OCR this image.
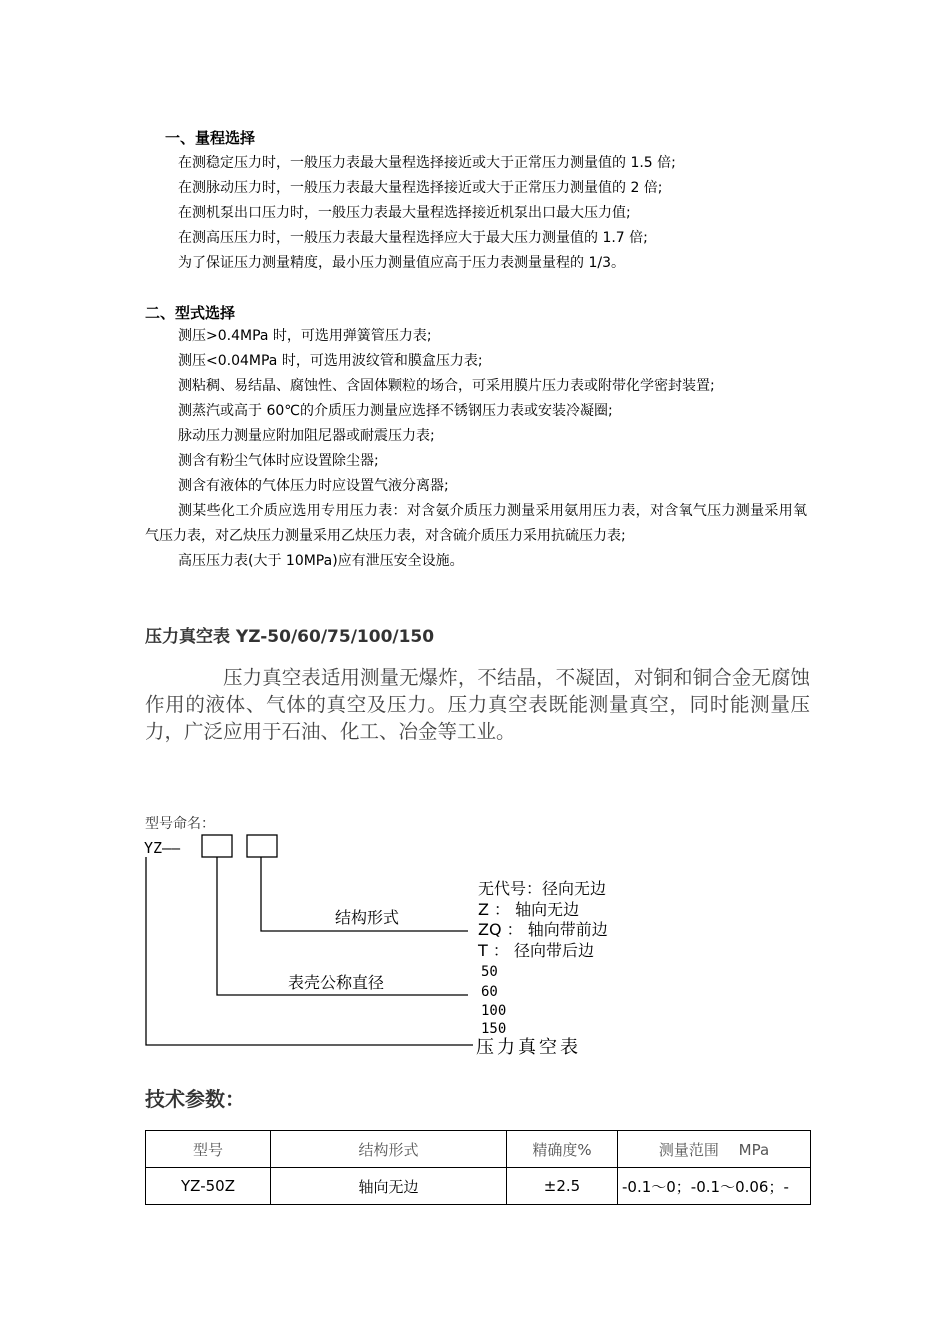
一、量程选择
在测稳定压力时，一般压力表最大量程选择接近或大于正常压力测量值的 1.5 倍;
在测脉动压力时，一般压力表最大量程选择接近或大于正常压力测量值的 2 倍;
在测机泵出口压力时，一般压力表最大量程选择接近机泵出口最大压力值;
在测高压压力时，一般压力表最大量程选择应大于最大压力测量值的 1.7 倍;
为了保证压力测量精度，最小压力测量值应高于压力表测量量程的 1/3。
二、型式选择
测压>0.4MPa 时，可选用弹簧管压力表;
测压<0.04MPa 时，可选用波纹管和膜盒压力表;
测粘稠、易结晶、腐蚀性、含固体颗粒的场合，可采用膜片压力表或附带化学密封装置;
测蒸汽或高于 60℃的介质压力测量应选择不锈钢压力表或安装冷凝圈;
脉动压力测量应附加阻尼器或耐震压力表;
测含有粉尘气体时应设置除尘器;
测含有液体的气体压力时应设置气液分离器;
测某些化工介质应选用专用压力表：对含氨介质压力测量采用氨用压力表，对含氧气压力测量采用氧气压力表，对乙炔压力测量采用乙炔压力表，对含硫介质压力采用抗硫压力表;
高压压力表(大于 10MPa)应有泄压安全设施。
压力真空表 YZ-50/60/75/100/150
压力真空表适用测量无爆炸，不结晶，不凝固，对铜和铜合金无腐蚀作用的液体、气体的真空及压力。压力真空表既能测量真空，同时能测量压力，广泛应用于石油、化工、冶金等工业。
型号命名：
YZ——
结构形式
表壳公称直径
无代号：径向无边
Z ： 轴向无边
ZQ ： 轴向带前边
T ： 径向带后边
50
60
100
150
压力真空表
技术参数：
型号	结构形式	精确度%	测量范围　 MPa
YZ-50Z	轴向无边	±2.5	-0.1～0；-0.1～0.06；-
